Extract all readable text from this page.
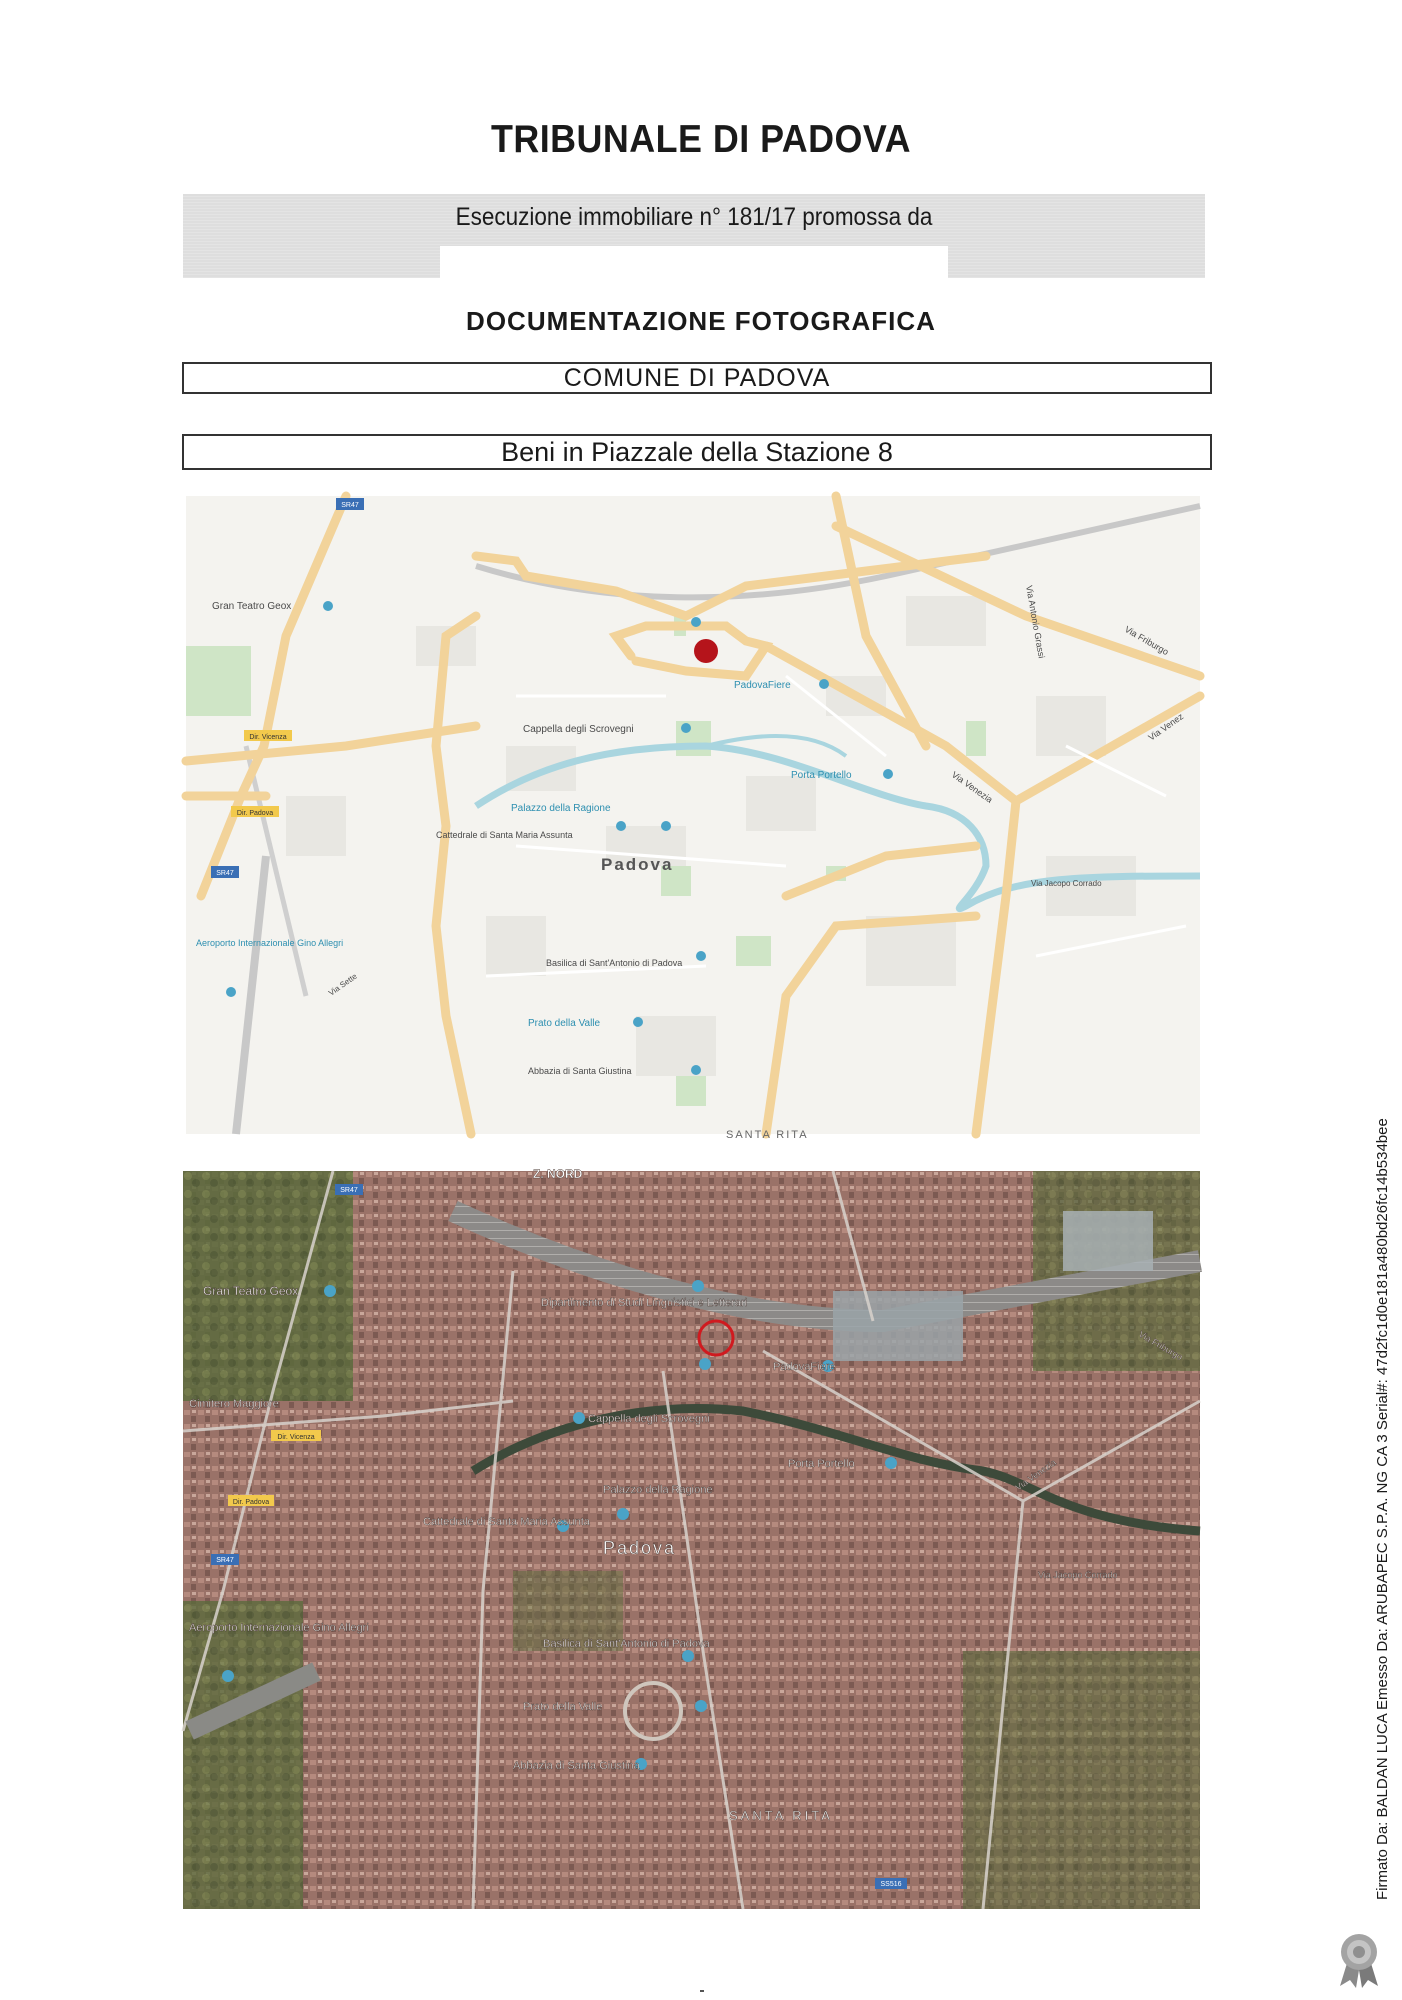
TRIBUNALE DI PADOVA
Esecuzione immobiliare n° 181/17 promossa da
DOCUMENTAZIONE FOTOGRAFICA
COMUNE DI PADOVA
Beni in Piazzale della Stazione 8
SR47
SR47
Dir. Vicenza
Dir. Padova
Gran Teatro Geox
Aeroporto Internazionale Gino Allegri
Via Sette
Cappella degli Scrovegni
Palazzo della Ragione
Cattedrale di Santa Maria Assunta
Padova
Basilica di Sant'Antonio di Padova
Prato della Valle
Abbazia di Santa Giustina
PadovaFiere
Porta Portello
Via Antonio Grassi	Via Friburgo
Via Venezia
Via Venez
Via Jacopo Corrado
SANTA RITA
SR47
SR47
SS516
Dir. Vicenza
Dir. Padova
Z. NORD
Gran Teatro Geox
Dipartimento di Studi Linguistici e Letterari
Cimitero Maggiore
Aeroporto Internazionale Gino Allegri
Cappella degli Scrovegni
PadovaFiere
Porta Portello
Palazzo della Ragione
Cattedrale di Santa Maria Assunta
Padova
Basilica di Sant'Antonio di Padova
Prato della Valle
Abbazia di Santa Giustina
Via Jacopo Corrado
Via Venezia
Via Friburgo
SANTA RITA	Firmato Da: BALDAN LUCA Emesso Da: ARUBAPEC S.P.A. NG CA 3 Serial#: 47d2fc1d0e181a480bd26fc14b534bee
